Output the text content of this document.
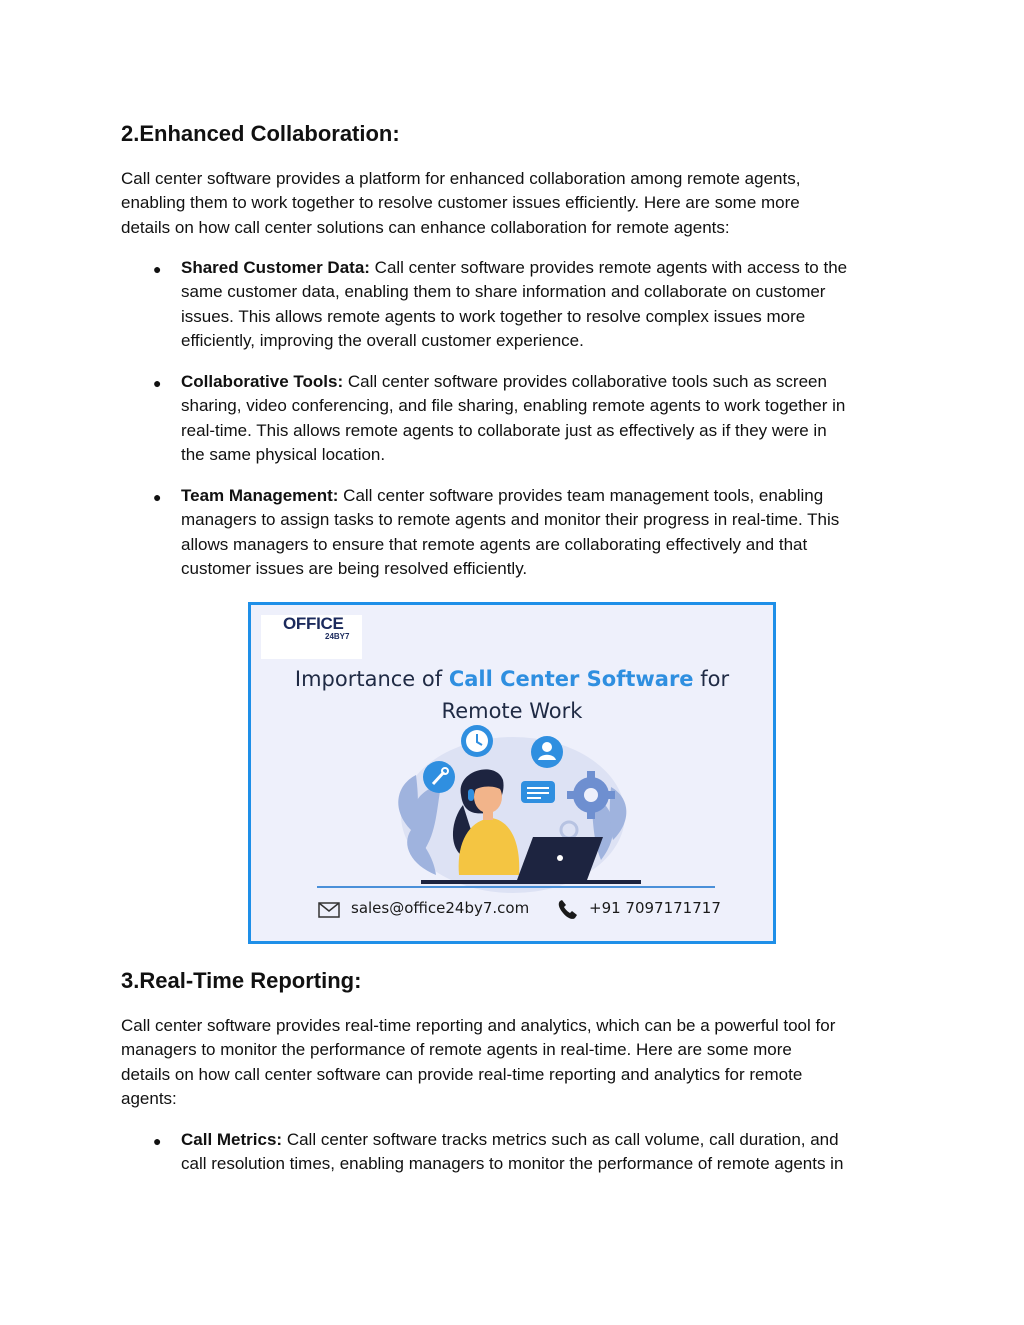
2.Enhanced Collaboration:

Call center software provides a platform for enhanced collaboration among remote agents,
enabling them to work together to resolve customer issues efficiently. Here are some more
details on how call center solutions can enhance collaboration for remote agents:

● Shared Customer Data: Call center software provides remote agents with access to the
same customer data, enabling them to share information and collaborate on customer
issues. This allows remote agents to work together to resolve complex issues more
efficiently, improving the overall customer experience.

● Collaborative Tools: Call center software provides collaborative tools such as screen
sharing, video conferencing, and file sharing, enabling remote agents to work together in
real-time. This allows remote agents to collaborate just as effectively as if they were in
the same physical location.

● Team Management: Call center software provides team management tools, enabling
managers to assign tasks to remote agents and monitor their progress in real-time. This
allows managers to ensure that remote agents are collaborating effectively and that
customer issues are being resolved efficiently.

OFFICE
24BY7
Importance of Call Center Software for
Remote Work
sales@office24by7.com	+91 7097171717
3.Real-Time Reporting:

Call center software provides real-time reporting and analytics, which can be a powerful tool for
managers to monitor the performance of remote agents in real-time. Here are some more
details on how call center software can provide real-time reporting and analytics for remote
agents:

● Call Metrics: Call center software tracks metrics such as call volume, call duration, and
call resolution times, enabling managers to monitor the performance of remote agents in
